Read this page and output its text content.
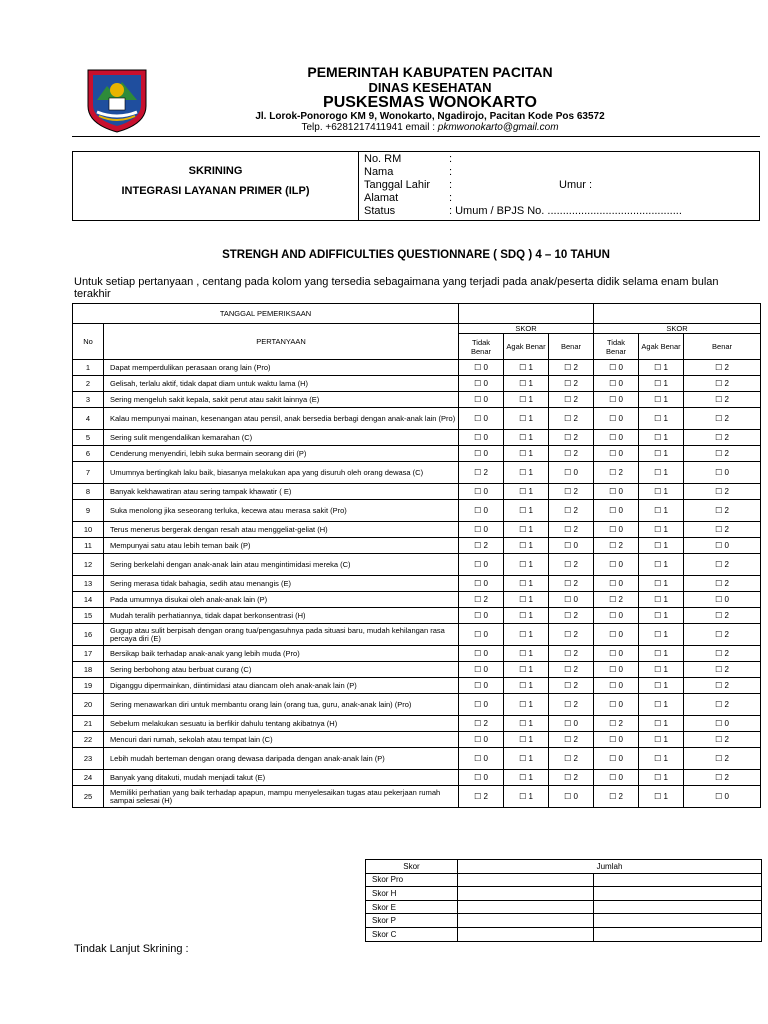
PEMERINTAH KABUPATEN PACITAN
DINAS KESEHATAN
PUSKESMAS WONOKARTO
Jl. Lorok-Ponorogo KM 9, Wonokarto, Ngadirojo, Pacitan Kode Pos 63572
Telp. +6281217411941 email : pkmwonokarto@gmail.com
SKRINING
INTEGRASI LAYANAN PRIMER (ILP)
No. RM	:
Nama	:
Tanggal Lahir :                                   Umur :
Alamat	:
Status	: Umum / BPJS No. ............................................
STRENGH AND ADIFFICULTIES QUESTIONNARE ( SDQ ) 4 – 10 TAHUN
Untuk setiap pertanyaan , centang pada kolom yang tersedia sebagaimana yang terjadi pada anak/peserta didik selama enam bulan terakhir
TANGGAL PEMERIKSAAN							
No	PERTANYAAN	SKOR			SKOR		
		Tidak Benar	Agak Benar	Benar	Tidak Benar	Agak Benar	Benar
1	Dapat memperdulikan perasaan orang lain (Pro)	☐ 0	☐ 1	☐ 2	☐ 0	☐ 1	☐ 2
2	Gelisah, terlalu aktif, tidak dapat diam untuk waktu lama (H)	☐ 0	☐ 1	☐ 2	☐ 0	☐ 1	☐ 2
3	Sering mengeluh sakit kepala, sakit perut atau sakit lainnya (E)	☐ 0	☐ 1	☐ 2	☐ 0	☐ 1	☐ 2
4	Kalau mempunyai mainan, kesenangan atau pensil, anak bersedia berbagi dengan anak-anak lain (Pro)	☐ 0	☐ 1	☐ 2	☐ 0	☐ 1	☐ 2
5	Sering sulit mengendalikan kemarahan (C)	☐ 0	☐ 1	☐ 2	☐ 0	☐ 1	☐ 2
6	Cenderung menyendiri, lebih suka bermain seorang diri (P)	☐ 0	☐ 1	☐ 2	☐ 0	☐ 1	☐ 2
7	Umumnya bertingkah laku baik, biasanya melakukan apa yang disuruh oleh orang dewasa (C)	☐ 2	☐ 1	☐ 0	☐ 2	☐ 1	☐ 0
8	Banyak kekhawatiran atau sering tampak khawatir ( E)	☐ 0	☐ 1	☐ 2	☐ 0	☐ 1	☐ 2
9	Suka menolong jika seseorang terluka, kecewa atau merasa sakit (Pro)	☐ 0	☐ 1	☐ 2	☐ 0	☐ 1	☐ 2
10	Terus menerus bergerak dengan resah atau menggeliat-geliat (H)	☐ 0	☐ 1	☐ 2	☐ 0	☐ 1	☐ 2
11	Mempunyai satu atau lebih teman baik (P)	☐ 2	☐ 1	☐ 0	☐ 2	☐ 1	☐ 0
12	Sering berkelahi dengan anak-anak lain atau mengintimidasi mereka (C)	☐ 0	☐ 1	☐ 2	☐ 0	☐ 1	☐ 2
13	Sering merasa tidak bahagia, sedih atau menangis (E)	☐ 0	☐ 1	☐ 2	☐ 0	☐ 1	☐ 2
14	Pada umumnya disukai oleh anak-anak lain (P)	☐ 2	☐ 1	☐ 0	☐ 2	☐ 1	☐ 0
15	Mudah teralih perhatiannya, tidak dapat berkonsentrasi (H)	☐ 0	☐ 1	☐ 2	☐ 0	☐ 1	☐ 2
16	Gugup atau sulit berpisah dengan orang tua/pengasuhnya pada situasi baru, mudah kehilangan rasa percaya diri (E)	☐ 0	☐ 1	☐ 2	☐ 0	☐ 1	☐ 2
17	Bersikap baik terhadap anak-anak yang lebih muda (Pro)	☐ 0	☐ 1	☐ 2	☐ 0	☐ 1	☐ 2
18	Sering berbohong atau berbuat curang (C)	☐ 0	☐ 1	☐ 2	☐ 0	☐ 1	☐ 2
19	Diganggu dipermainkan, diintimidasi atau diancam oleh anak-anak lain (P)	☐ 0	☐ 1	☐ 2	☐ 0	☐ 1	☐ 2
20	Sering menawarkan diri untuk membantu orang lain (orang tua, guru, anak-anak lain) (Pro)	☐ 0	☐ 1	☐ 2	☐ 0	☐ 1	☐ 2
21	Sebelum melakukan sesuatu ia berfikir dahulu tentang akibatnya (H)	☐ 2	☐ 1	☐ 0	☐ 2	☐ 1	☐ 0
22	Mencuri dari rumah, sekolah atau tempat lain (C)	☐ 0	☐ 1	☐ 2	☐ 0	☐ 1	☐ 2
23	Lebih mudah berteman dengan orang dewasa daripada dengan anak-anak lain (P)	☐ 0	☐ 1	☐ 2	☐ 0	☐ 1	☐ 2
24	Banyak yang ditakuti, mudah menjadi takut (E)	☐ 0	☐ 1	☐ 2	☐ 0	☐ 1	☐ 2
25	Memiliki perhatian yang baik terhadap apapun, mampu menyelesaikan tugas atau pekerjaan rumah sampai selesai (H)	☐ 2	☐ 1	☐ 0	☐ 2	☐ 1	☐ 0
Skor	Jumlah	
Skor Pro		
Skor H		
Skor E		
Skor P		
Skor C		
Tindak Lanjut Skrining :
